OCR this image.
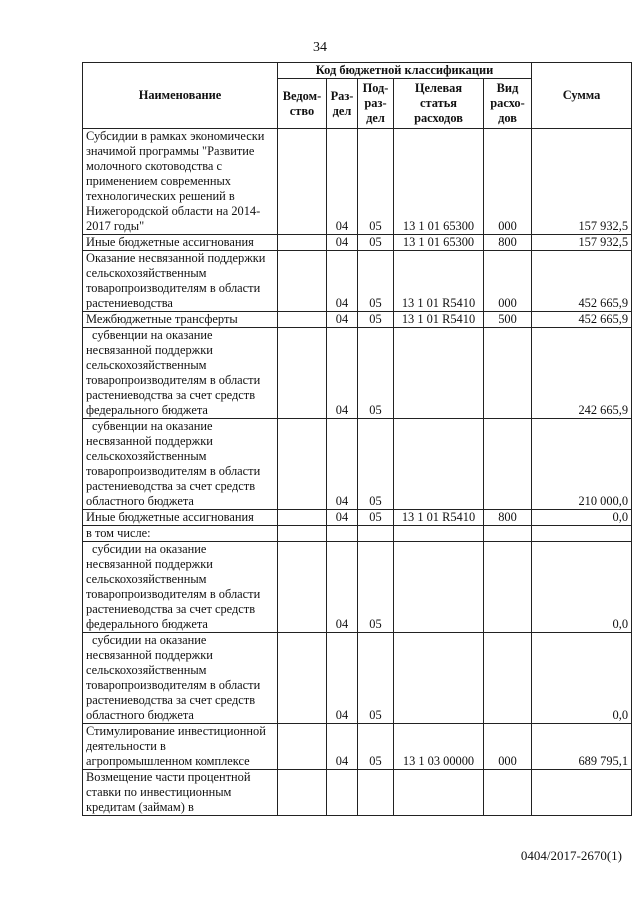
34
Наименование	Код бюджетной классификации					Сумма
	Ведом-ство	Раз-дел	Под-раз-дел	Целевая статья расходов	Вид расхо-дов	
Субсидии в рамках экономически значимой программы "Развитие молочного скотоводства с применением современных технологических решений в Нижегородской области на 2014-2017 годы"		04	05	13 1 01 65300	000	157 932,5
Иные бюджетные ассигнования		04	05	13 1 01 65300	800	157 932,5
Оказание несвязанной поддержки сельскохозяйственным товаропроизводителям в области растениеводства		04	05	13 1 01 R5410	000	452 665,9
Межбюджетные трансферты		04	05	13 1 01 R5410	500	452 665,9
субвенции на оказание несвязанной поддержки сельскохозяйственным товаропроизводителям в области растениеводства за счет средств федерального бюджета		04	05			242 665,9
субвенции на оказание несвязанной поддержки сельскохозяйственным товаропроизводителям в области растениеводства за счет средств областного бюджета		04	05			210 000,0
Иные бюджетные ассигнования		04	05	13 1 01 R5410	800	0,0
в том числе:						
субсидии на оказание несвязанной поддержки сельскохозяйственным товаропроизводителям в области растениеводства за счет средств федерального бюджета		04	05			0,0
субсидии на оказание несвязанной поддержки сельскохозяйственным товаропроизводителям в области растениеводства за счет средств областного бюджета		04	05			0,0
Стимулирование инвестиционной деятельности в агропромышленном комплексе		04	05	13 1 03 00000	000	689 795,1
Возмещение части процентной ставки по инвестиционным кредитам (займам) в						
0404/2017-2670(1)
